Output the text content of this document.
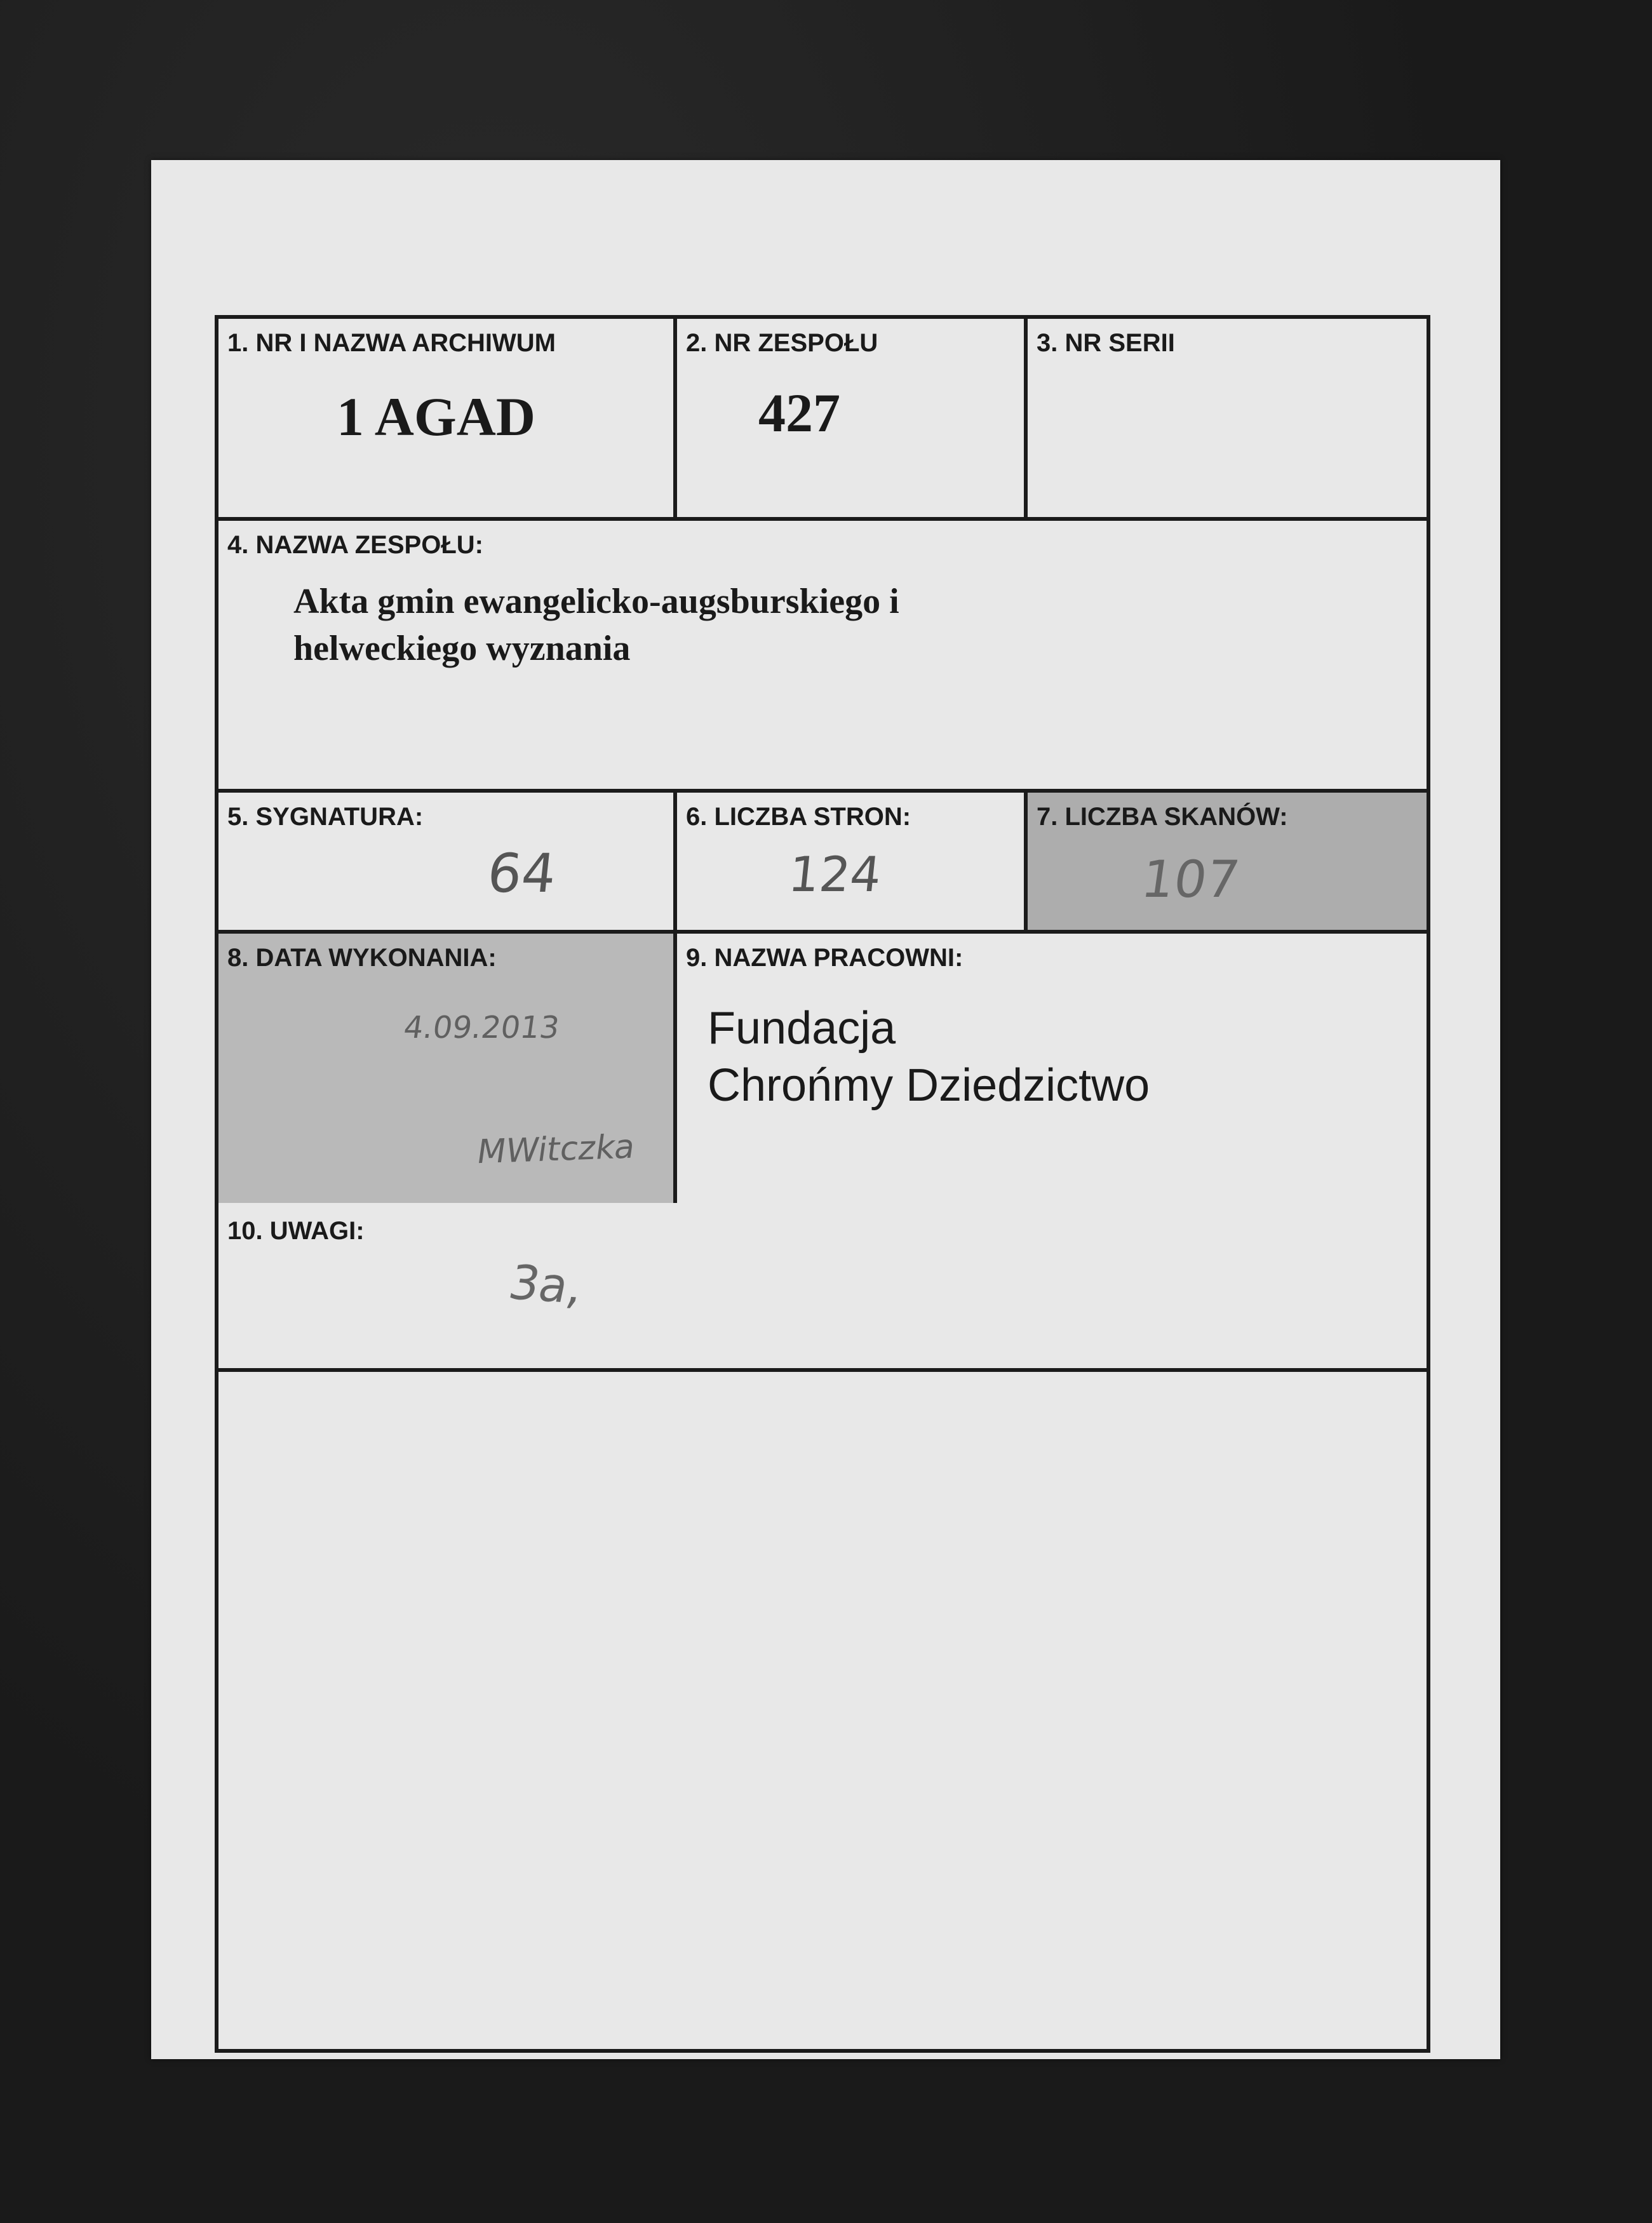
1. NR I NAZWA ARCHIWUM
1 AGAD
2. NR ZESPOŁU
427
3. NR SERII
4. NAZWA ZESPOŁU:
Akta gmin ewangelicko-augsburskiego i
helweckiego wyznania
5. SYGNATURA:
64
6. LICZBA STRON:
124
7. LICZBA SKANÓW:
107
8. DATA WYKONANIA:
4.09.2013
MWitczka
9. NAZWA PRACOWNI:
Fundacja
Chrońmy Dziedzictwo
10. UWAGI:
3a,
